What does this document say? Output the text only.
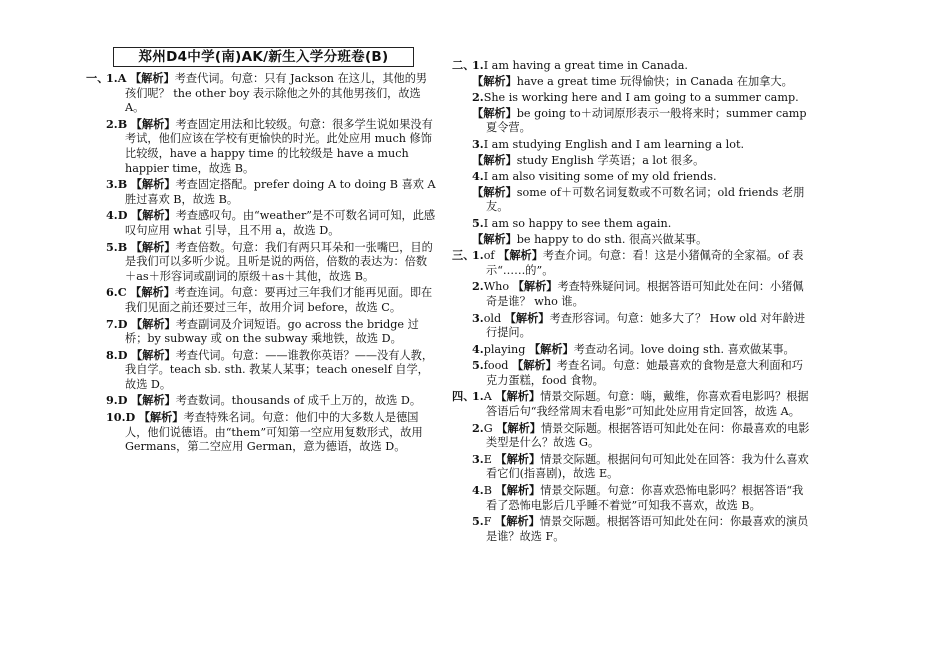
郑州D4中学(南)AK/新生入学分班卷(B)
一、
1.A 【解析】考查代词。句意：只有 Jackson 在这儿，其他的男孩们呢？ the other boy 表示除他之外的其他男孩们，故选 A。
2.B 【解析】考查固定用法和比较级。句意：很多学生说如果没有考试，他们应该在学校有更愉快的时光。此处应用 much 修饰比较级，have a happy time 的比较级是 have a much happier time，故选 B。
3.B 【解析】考查固定搭配。prefer doing A to doing B 喜欢 A 胜过喜欢 B，故选 B。
4.D 【解析】考查感叹句。由“weather”是不可数名词可知，此感叹句应用 what 引导，且不用 a，故选 D。
5.B 【解析】考查倍数。句意：我们有两只耳朵和一张嘴巴，目的是我们可以多听少说。且听是说的两倍，倍数的表达为：倍数＋as＋形容词或副词的原级＋as＋其他，故选 B。
6.C 【解析】考查连词。句意：要再过三年我们才能再见面。即在我们见面之前还要过三年，故用介词 before，故选 C。
7.D 【解析】考查副词及介词短语。go across the bridge 过桥；by subway 或 on the subway 乘地铁，故选 D。
8.D 【解析】考查代词。句意：——谁教你英语？——没有人教，我自学。teach sb. sth. 教某人某事；teach oneself 自学，故选 D。
9.D 【解析】考查数词。thousands of 成千上万的，故选 D。
10.D 【解析】考查特殊名词。句意：他们中的大多数人是德国人，他们说德语。由“them”可知第一空应用复数形式，故用 Germans，第二空应用 German，意为德语，故选 D。
二、
1.I am having a great time in Canada.
【解析】have a great time 玩得愉快；in Canada 在加拿大。
2.She is working here and I am going to a summer camp.
【解析】be going to＋动词原形表示一般将来时；summer camp 夏令营。
3.I am studying English and I am learning a lot.
【解析】study English 学英语；a lot 很多。
4.I am also visiting some of my old friends.
【解析】some of＋可数名词复数或不可数名词；old friends 老朋友。
5.I am so happy to see them again.
【解析】be happy to do sth. 很高兴做某事。
三、
1.of 【解析】考查介词。句意：看！这是小猪佩奇的全家福。of 表示“……的”。
2.Who 【解析】考查特殊疑问词。根据答语可知此处在问：小猪佩奇是谁？ who 谁。
3.old 【解析】考查形容词。句意：她多大了？ How old 对年龄进行提问。
4.playing 【解析】考查动名词。love doing sth. 喜欢做某事。
5.food 【解析】考查名词。句意：她最喜欢的食物是意大利面和巧克力蛋糕，food 食物。
四、
1.A 【解析】情景交际题。句意：嗨，戴维，你喜欢看电影吗？根据答语后句“我经常周末看电影”可知此处应用肯定回答，故选 A。
2.G 【解析】情景交际题。根据答语可知此处在问：你最喜欢的电影类型是什么？故选 G。
3.E 【解析】情景交际题。根据问句可知此处在回答：我为什么喜欢看它们(指喜剧)，故选 E。
4.B 【解析】情景交际题。句意：你喜欢恐怖电影吗？根据答语“我看了恐怖电影后几乎睡不着觉”可知我不喜欢，故选 B。
5.F 【解析】情景交际题。根据答语可知此处在问：你最喜欢的演员是谁？故选 F。
